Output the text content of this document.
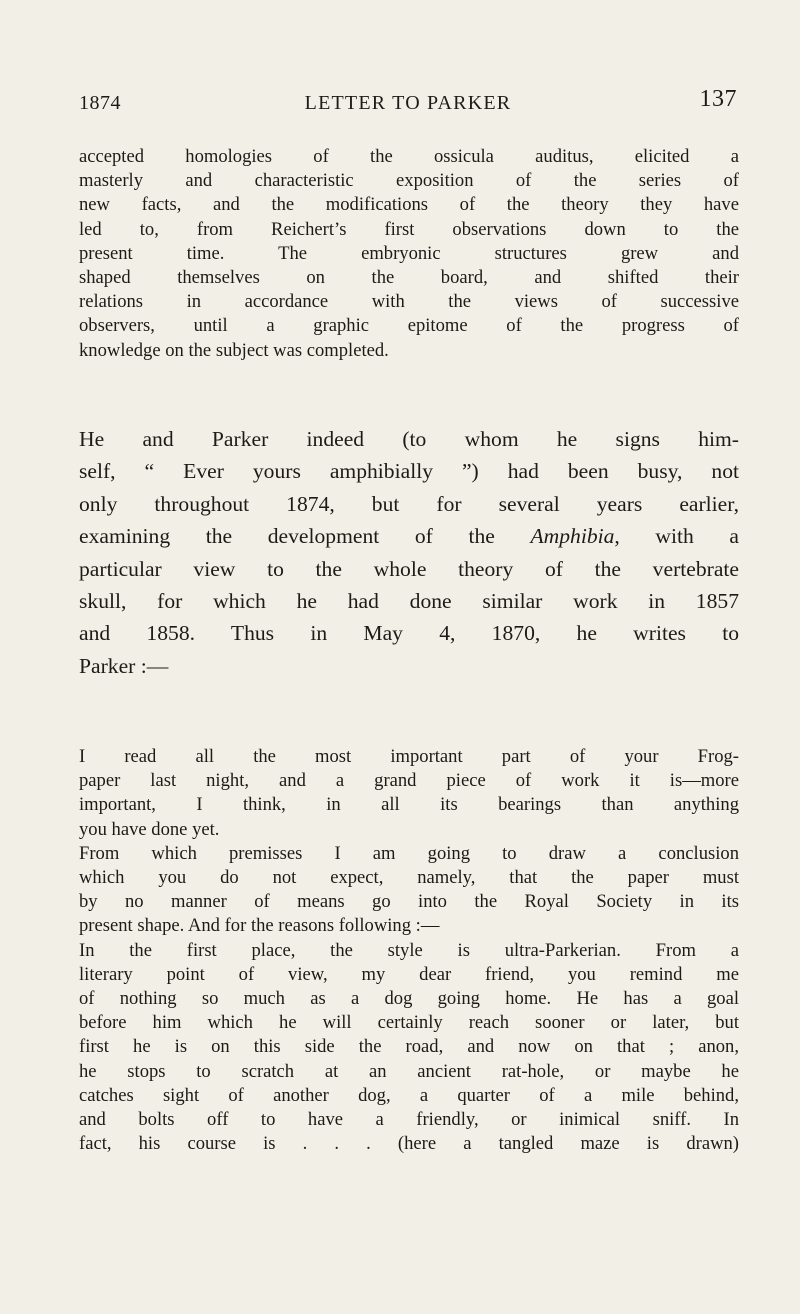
1874	LETTER TO PARKER	137
accepted homologies of the ossicula auditus, elicited a
masterly and characteristic exposition of the series of
new facts, and the modifications of the theory they have
led to, from Reichert’s first observations down to the
present time. The embryonic structures grew and
shaped themselves on the board, and shifted their
relations in accordance with the views of successive
observers, until a graphic epitome of the progress of
knowledge on the subject was completed.
He and Parker indeed (to whom he signs him-
self, “ Ever yours amphibially ”) had been busy, not
only throughout 1874, but for several years earlier,
examining the development of the Amphibia, with a
particular view to the whole theory of the vertebrate
skull, for which he had done similar work in 1857
and 1858. Thus in May 4, 1870, he writes to
Parker :—
I read all the most important part of your Frog-
paper last night, and a grand piece of work it is—more
important, I think, in all its bearings than anything
you have done yet.
From which premisses I am going to draw a conclusion
which you do not expect, namely, that the paper must
by no manner of means go into the Royal Society in its
present shape. And for the reasons following :—
In the first place, the style is ultra-Parkerian. From a
literary point of view, my dear friend, you remind me
of nothing so much as a dog going home. He has a goal
before him which he will certainly reach sooner or later, but
first he is on this side the road, and now on that ; anon,
he stops to scratch at an ancient rat-hole, or maybe he
catches sight of another dog, a quarter of a mile behind,
and bolts off to have a friendly, or inimical sniff. In
fact, his course is . . . (here a tangled maze is drawn)
